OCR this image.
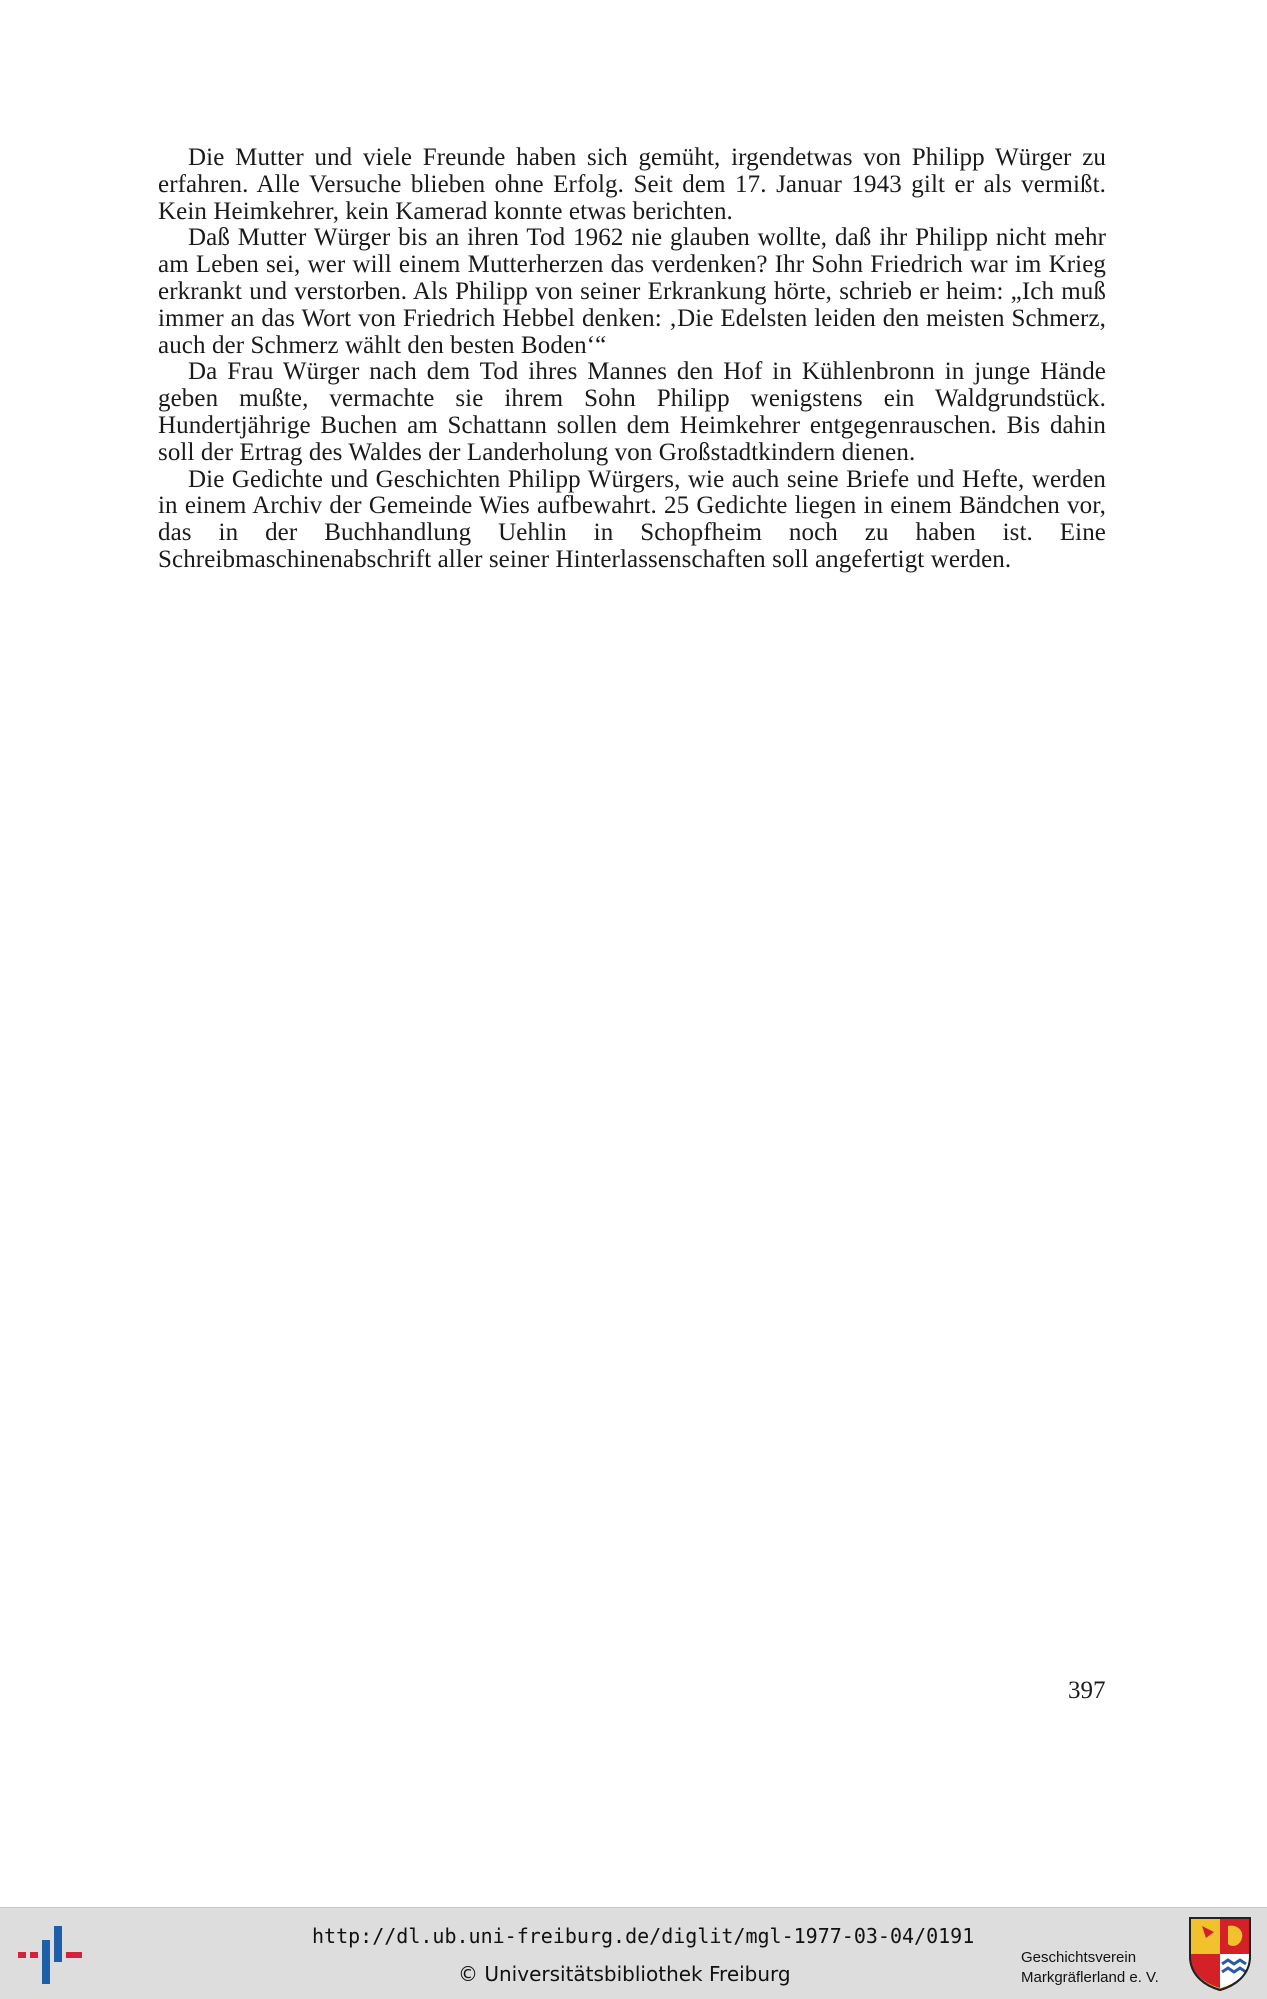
Die Mutter und viele Freunde haben sich gemüht, irgendetwas von Philipp Würger zu erfahren. Alle Versuche blieben ohne Erfolg. Seit dem 17. Januar 1943 gilt er als vermißt. Kein Heimkehrer, kein Kamerad konnte etwas berichten.

Daß Mutter Würger bis an ihren Tod 1962 nie glauben wollte, daß ihr Philipp nicht mehr am Leben sei, wer will einem Mutterherzen das verdenken? Ihr Sohn Friedrich war im Krieg erkrankt und verstorben. Als Philipp von seiner Erkrankung hörte, schrieb er heim: „Ich muß immer an das Wort von Friedrich Hebbel denken: ‚Die Edelsten leiden den meisten Schmerz, auch der Schmerz wählt den besten Boden‘“

Da Frau Würger nach dem Tod ihres Mannes den Hof in Kühlenbronn in junge Hände geben mußte, vermachte sie ihrem Sohn Philipp wenigstens ein Waldgrundstück. Hundertjährige Buchen am Schattann sollen dem Heimkehrer entgegenrauschen. Bis dahin soll der Ertrag des Waldes der Landerholung von Großstadtkindern dienen.

Die Gedichte und Geschichten Philipp Würgers, wie auch seine Briefe und Hefte, werden in einem Archiv der Gemeinde Wies aufbewahrt. 25 Gedichte liegen in einem Bändchen vor, das in der Buchhandlung Uehlin in Schopfheim noch zu haben ist. Eine Schreibmaschinenabschrift aller seiner Hinterlassenschaften soll angefertigt werden.

397
http://dl.ub.uni-freiburg.de/diglit/mgl-1977-03-04/0191
© Universitätsbibliothek Freiburg
Geschichtsverein
Markgräflerland e. V.
